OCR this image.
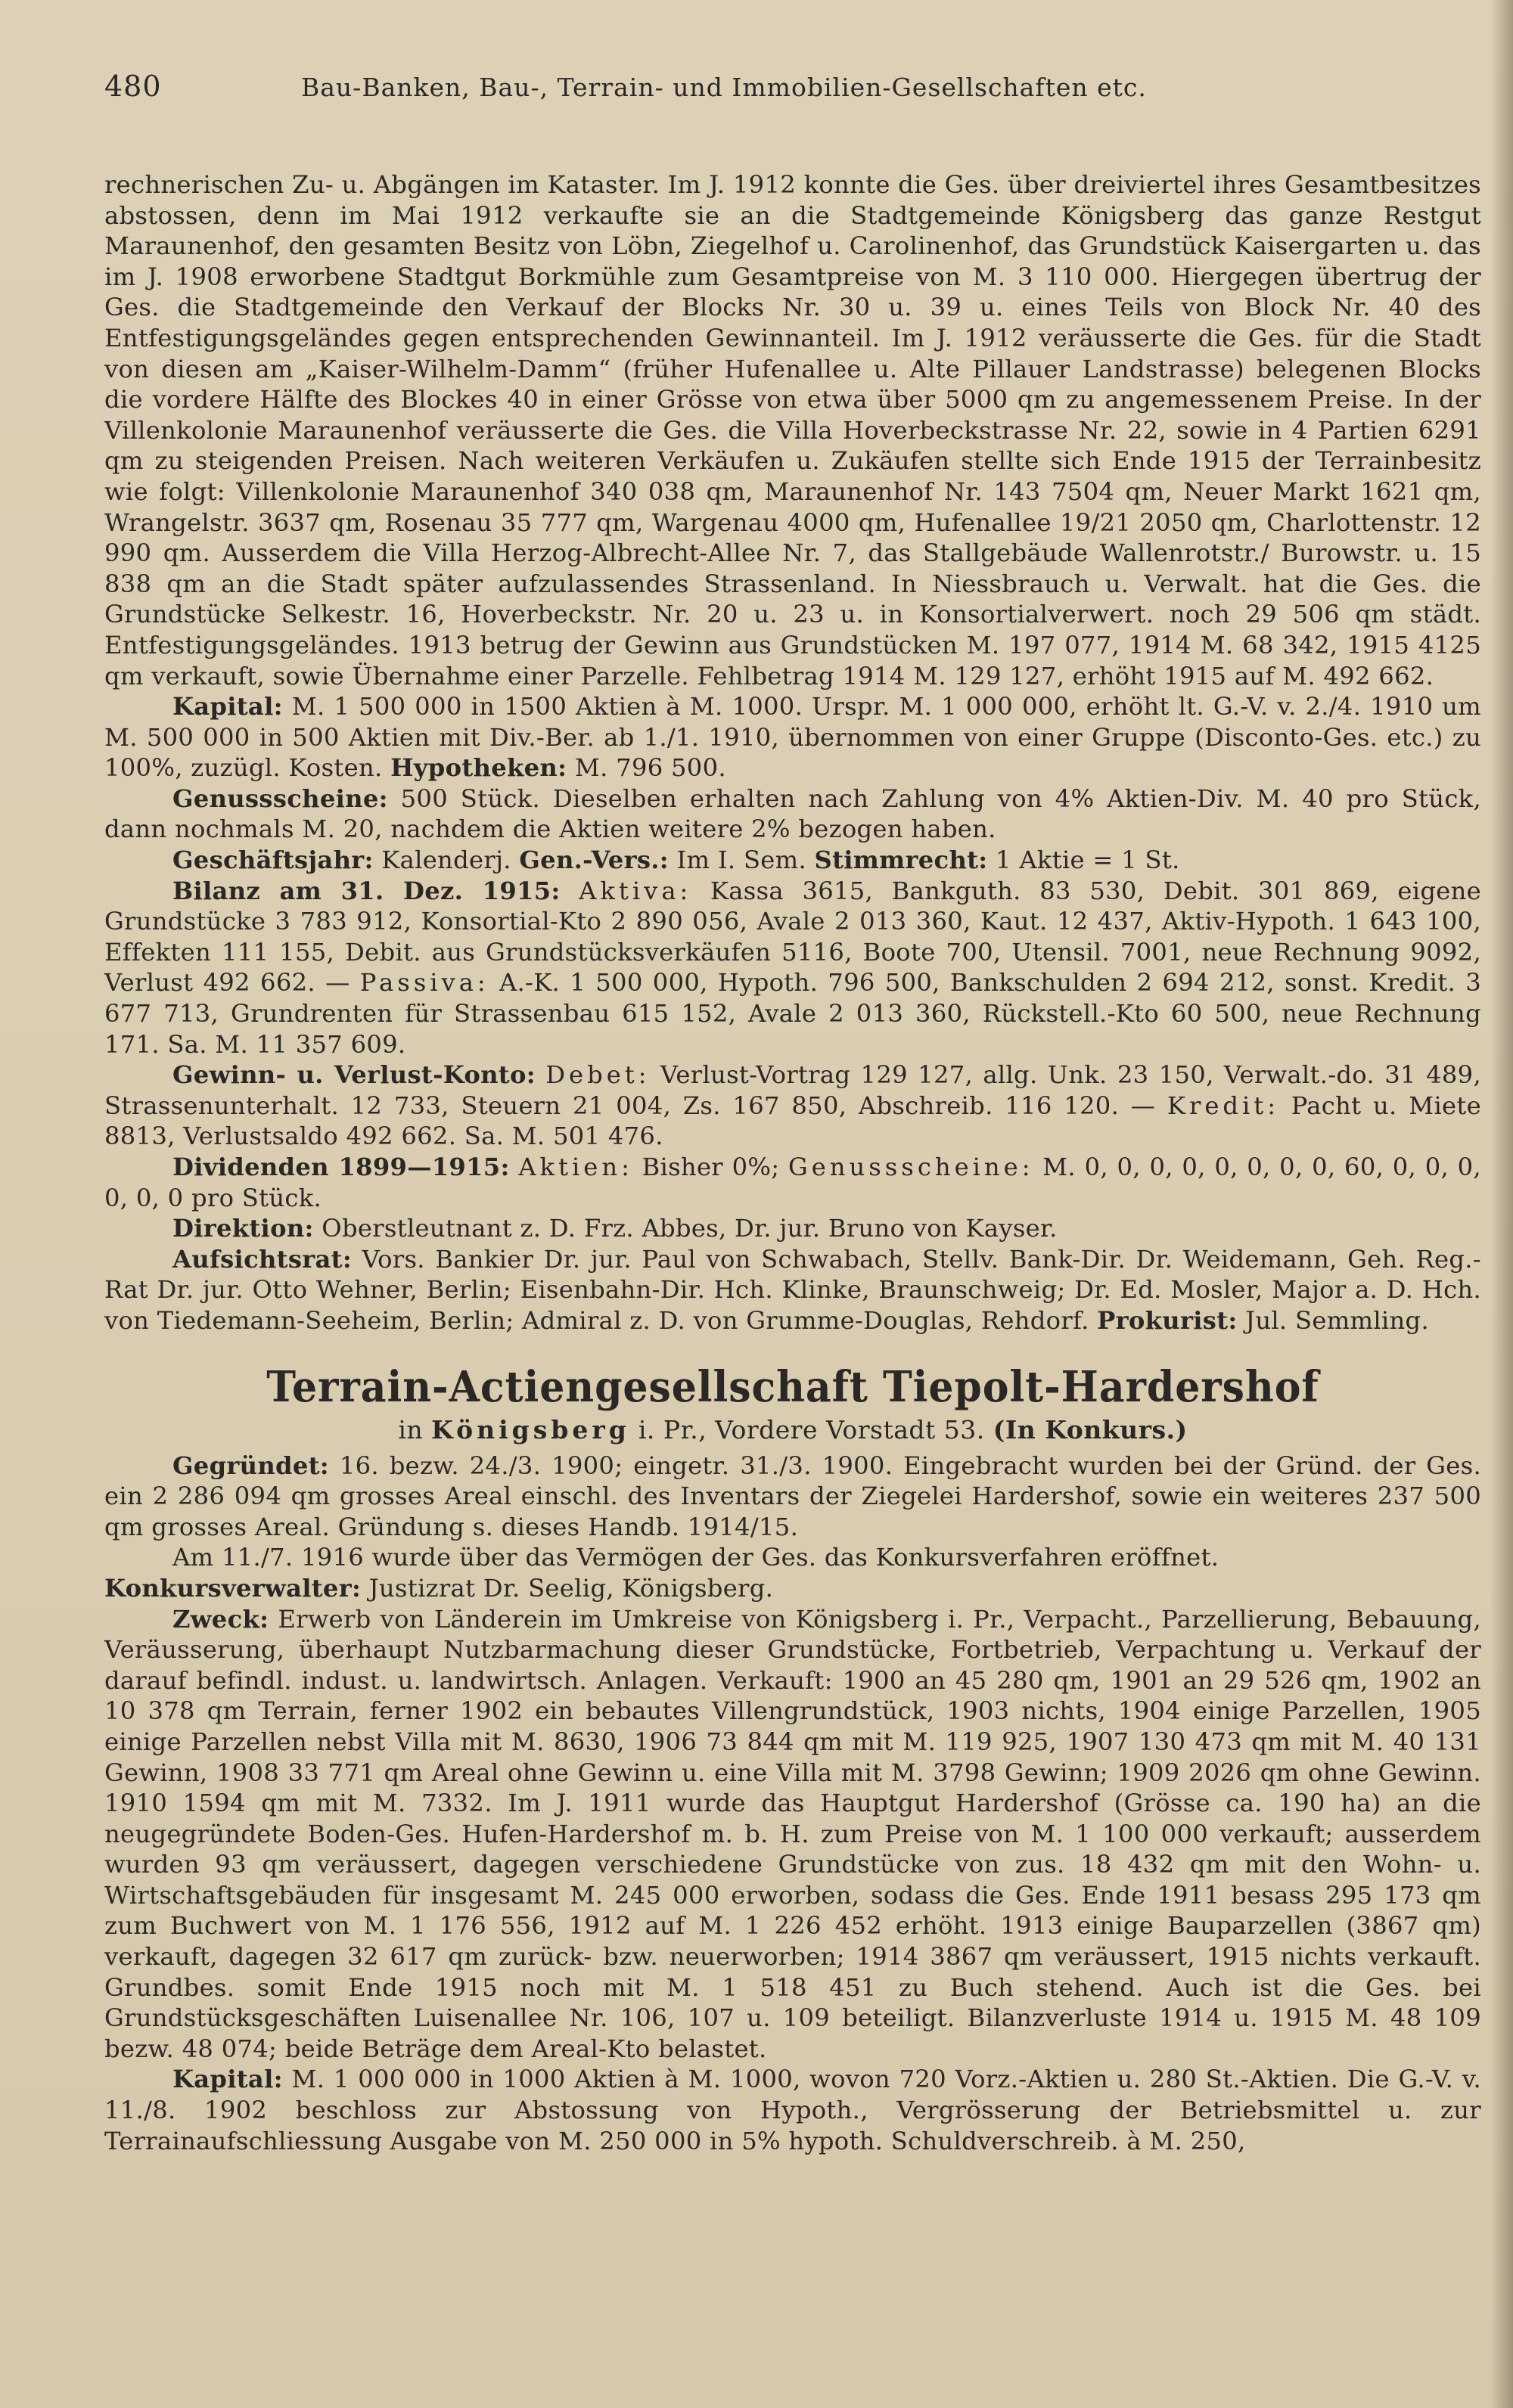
480	Bau-Banken, Bau-, Terrain- und Immobilien-Gesellschaften etc.

rechnerischen Zu- u. Abgängen im Kataster. Im J. 1912 konnte die Ges. über dreiviertel ihres Gesamtbesitzes abstossen, denn im Mai 1912 verkaufte sie an die Stadtgemeinde Königsberg das ganze Restgut Maraunenhof, den gesamten Besitz von Löbn, Ziegelhof u. Carolinenhof, das Grundstück Kaisergarten u. das im J. 1908 erworbene Stadtgut Borkmühle zum Gesamtpreise von M. 3 110 000. Hiergegen übertrug der Ges. die Stadtgemeinde den Verkauf der Blocks Nr. 30 u. 39 u. eines Teils von Block Nr. 40 des Entfestigungsgeländes gegen entsprechenden Gewinnanteil. Im J. 1912 veräusserte die Ges. für die Stadt von diesen am „Kaiser-Wilhelm-Damm“ (früher Hufenallee u. Alte Pillauer Landstrasse) belegenen Blocks die vordere Hälfte des Blockes 40 in einer Grösse von etwa über 5000 qm zu angemessenem Preise. In der Villenkolonie Maraunenhof veräusserte die Ges. die Villa Hoverbeckstrasse Nr. 22, sowie in 4 Partien 6291 qm zu steigenden Preisen. Nach weiteren Verkäufen u. Zukäufen stellte sich Ende 1915 der Terrainbesitz wie folgt: Villenkolonie Maraunenhof 340 038 qm, Maraunenhof Nr. 143 7504 qm, Neuer Markt 1621 qm, Wrangelstr. 3637 qm, Rosenau 35 777 qm, Wargenau 4000 qm, Hufenallee 19/21 2050 qm, Charlottenstr. 12 990 qm. Ausserdem die Villa Herzog-Albrecht-Allee Nr. 7, das Stallgebäude Wallenrotstr./ Burowstr. u. 15 838 qm an die Stadt später aufzulassendes Strassenland. In Niessbrauch u. Verwalt. hat die Ges. die Grundstücke Selkestr. 16, Hoverbeckstr. Nr. 20 u. 23 u. in Konsortialverwert. noch 29 506 qm städt. Entfestigungsgeländes. 1913 betrug der Gewinn aus Grundstücken M. 197 077, 1914 M. 68 342, 1915 4125 qm verkauft, sowie Übernahme einer Parzelle. Fehlbetrag 1914 M. 129 127, erhöht 1915 auf M. 492 662.

Kapital: M. 1 500 000 in 1500 Aktien à M. 1000. Urspr. M. 1 000 000, erhöht lt. G.-V. v. 2./4. 1910 um M. 500 000 in 500 Aktien mit Div.-Ber. ab 1./1. 1910, übernommen von einer Gruppe (Disconto-Ges. etc.) zu 100%, zuzügl. Kosten. Hypotheken: M. 796 500.

Genussscheine: 500 Stück. Dieselben erhalten nach Zahlung von 4% Aktien-Div. M. 40 pro Stück, dann nochmals M. 20, nachdem die Aktien weitere 2% bezogen haben.

Geschäftsjahr: Kalenderj. Gen.-Vers.: Im I. Sem. Stimmrecht: 1 Aktie = 1 St.

Bilanz am 31. Dez. 1915: Aktiva: Kassa 3615, Bankguth. 83 530, Debit. 301 869, eigene Grundstücke 3 783 912, Konsortial-Kto 2 890 056, Avale 2 013 360, Kaut. 12 437, Aktiv-Hypoth. 1 643 100, Effekten 111 155, Debit. aus Grundstücksverkäufen 5116, Boote 700, Utensil. 7001, neue Rechnung 9092, Verlust 492 662. — Passiva: A.-K. 1 500 000, Hypoth. 796 500, Bankschulden 2 694 212, sonst. Kredit. 3 677 713, Grundrenten für Strassenbau 615 152, Avale 2 013 360, Rückstell.-Kto 60 500, neue Rechnung 171. Sa. M. 11 357 609.

Gewinn- u. Verlust-Konto: Debet: Verlust-Vortrag 129 127, allg. Unk. 23 150, Verwalt.-do. 31 489, Strassenunterhalt. 12 733, Steuern 21 004, Zs. 167 850, Abschreib. 116 120. — Kredit: Pacht u. Miete 8813, Verlustsaldo 492 662. Sa. M. 501 476.

Dividenden 1899—1915: Aktien: Bisher 0%; Genussscheine: M. 0, 0, 0, 0, 0, 0, 0, 0, 60, 0, 0, 0, 0, 0, 0 pro Stück.

Direktion: Oberstleutnant z. D. Frz. Abbes, Dr. jur. Bruno von Kayser.

Aufsichtsrat: Vors. Bankier Dr. jur. Paul von Schwabach, Stellv. Bank-Dir. Dr. Weidemann, Geh. Reg.-Rat Dr. jur. Otto Wehner, Berlin; Eisenbahn-Dir. Hch. Klinke, Braunschweig; Dr. Ed. Mosler, Major a. D. Hch. von Tiedemann-Seeheim, Berlin; Admiral z. D. von Grumme-Douglas, Rehdorf. Prokurist: Jul. Semmling.

Terrain-Actiengesellschaft Tiepolt-Hardershof
in Königsberg i. Pr., Vordere Vorstadt 53. (In Konkurs.)

Gegründet: 16. bezw. 24./3. 1900; eingetr. 31./3. 1900. Eingebracht wurden bei der Gründ. der Ges. ein 2 286 094 qm grosses Areal einschl. des Inventars der Ziegelei Hardershof, sowie ein weiteres 237 500 qm grosses Areal. Gründung s. dieses Handb. 1914/15.

Am 11./7. 1916 wurde über das Vermögen der Ges. das Konkursverfahren eröffnet.

Konkursverwalter: Justizrat Dr. Seelig, Königsberg.

Zweck: Erwerb von Länderein im Umkreise von Königsberg i. Pr., Verpacht., Parzellierung, Bebauung, Veräusserung, überhaupt Nutzbarmachung dieser Grundstücke, Fortbetrieb, Verpachtung u. Verkauf der darauf befindl. indust. u. landwirtsch. Anlagen. Verkauft: 1900 an 45 280 qm, 1901 an 29 526 qm, 1902 an 10 378 qm Terrain, ferner 1902 ein bebautes Villengrundstück, 1903 nichts, 1904 einige Parzellen, 1905 einige Parzellen nebst Villa mit M. 8630, 1906 73 844 qm mit M. 119 925, 1907 130 473 qm mit M. 40 131 Gewinn, 1908 33 771 qm Areal ohne Gewinn u. eine Villa mit M. 3798 Gewinn; 1909 2026 qm ohne Gewinn. 1910 1594 qm mit M. 7332. Im J. 1911 wurde das Hauptgut Hardershof (Grösse ca. 190 ha) an die neugegründete Boden-Ges. Hufen-Hardershof m. b. H. zum Preise von M. 1 100 000 verkauft; ausserdem wurden 93 qm veräussert, dagegen verschiedene Grundstücke von zus. 18 432 qm mit den Wohn- u. Wirtschaftsgebäuden für insgesamt M. 245 000 erworben, sodass die Ges. Ende 1911 besass 295 173 qm zum Buchwert von M. 1 176 556, 1912 auf M. 1 226 452 erhöht. 1913 einige Bauparzellen (3867 qm) verkauft, dagegen 32 617 qm zurück- bzw. neuerworben; 1914 3867 qm veräussert, 1915 nichts verkauft. Grundbes. somit Ende 1915 noch mit M. 1 518 451 zu Buch stehend. Auch ist die Ges. bei Grundstücksgeschäften Luisenallee Nr. 106, 107 u. 109 beteiligt. Bilanzverluste 1914 u. 1915 M. 48 109 bezw. 48 074; beide Beträge dem Areal-Kto belastet.

Kapital: M. 1 000 000 in 1000 Aktien à M. 1000, wovon 720 Vorz.-Aktien u. 280 St.-Aktien. Die G.-V. v. 11./8. 1902 beschloss zur Abstossung von Hypoth., Vergrösserung der Betriebsmittel u. zur Terrainaufschliessung Ausgabe von M. 250 000 in 5% hypoth. Schuldverschreib. à M. 250,
